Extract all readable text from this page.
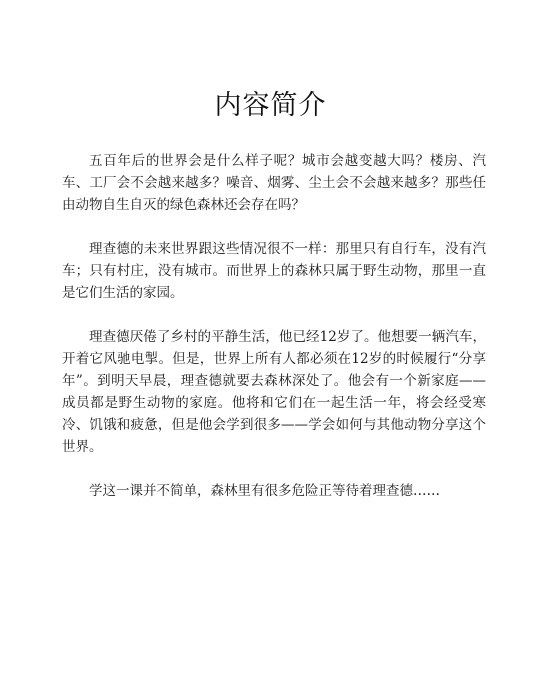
内容简介

五百年后的世界会是什么样子呢？城市会越变越大吗？楼房、汽车、工厂会不会越来越多？噪音、烟雾、尘土会不会越来越多？那些任由动物自生自灭的绿色森林还会存在吗？

理查德的未来世界跟这些情况很不一样：那里只有自行车，没有汽车；只有村庄，没有城市。而世界上的森林只属于野生动物，那里一直是它们生活的家园。

理查德厌倦了乡村的平静生活，他已经12岁了。他想要一辆汽车，开着它风驰电掣。但是，世界上所有人都必须在12岁的时候履行“分享年”。到明天早晨，理查德就要去森林深处了。他会有一个新家庭——成员都是野生动物的家庭。他将和它们在一起生活一年，将会经受寒冷、饥饿和疲惫，但是他会学到很多——学会如何与其他动物分享这个世界。

学这一课并不简单，森林里有很多危险正等待着理查德……
